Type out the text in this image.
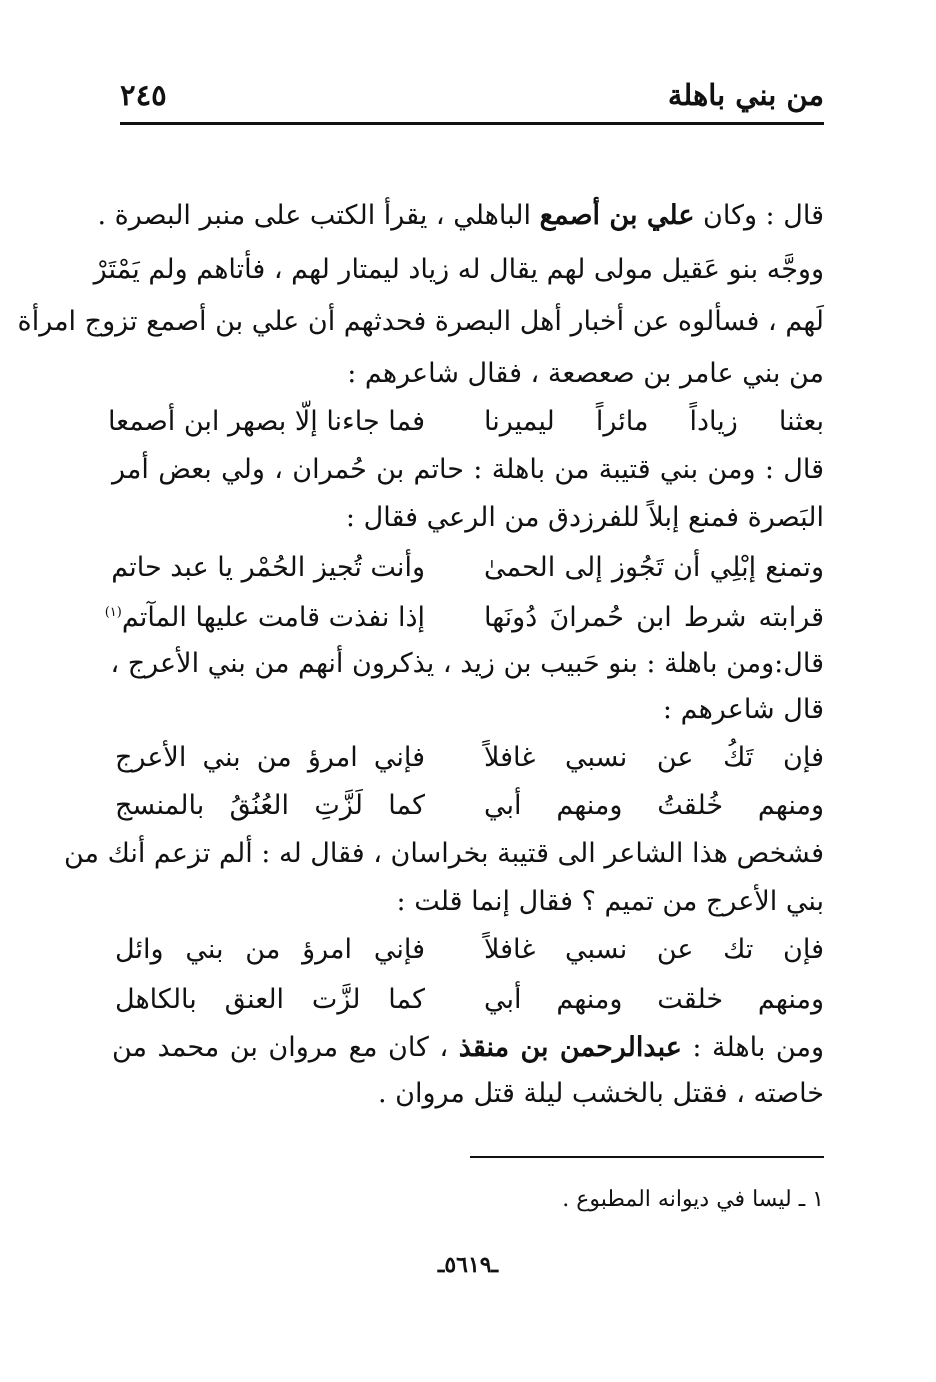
من بني باهلة
٢٤٥
قال : وكان علي بن أصمع الباهلي ، يقرأ الكتب على منبر البصرة .
ووجَّه بنو عَقيل مولى لهم يقال له زياد ليمتار لهم ، فأتاهم ولم يَمْتَرْ
لَهم ، فسألوه عن أخبار أهل البصرة فحدثهم أن علي بن أصمع تزوج امرأة
من بني عامر بن صعصعة ، فقال شاعرهم :
بعثنا زياداً مائراً ليميرنا
فما جاءنا إلّا بصهر ابن أصمعا
قال : ومن بني قتيبة من باهلة : حاتم بن حُمران ، ولي بعض أمر
البَصرة فمنع إبلاً للفرزدق من الرعي فقال :
وتمنع إبْلِي أن تَجُوز إلى الحمىٰ
وأنت تُجيز الحُمْر يا عبد حاتم
قرابته شرط ابن حُمرانَ دُونَها
إذا نفذت قامت عليها المآتم$^{(١)}$
قال:ومن باهلة : بنو حَبيب بن زيد ، يذكرون أنهم من بني الأعرج ،
قال شاعرهم :
فإن تَكُ عن نسبي غافلاً
فإني امرؤ من بني الأعرج
ومنهم خُلقتُ ومنهم أبي
كما لَزَّتِ العُنُقُ بالمنسج
فشخص هذا الشاعر الى قتيبة بخراسان ، فقال له : ألم تزعم أنك من
بني الأعرج من تميم ؟ فقال إنما قلت :
فإن تك عن نسبي غافلاً
فإني امرؤ من بني وائل
ومنهم خلقت ومنهم أبي
كما لزَّت العنق بالكاهل
ومن باهلة : عبدالرحمن بن منقذ ، كان مع مروان بن محمد من
خاصته ، فقتل بالخشب ليلة قتل مروان .
١ ـ ليسا في ديوانه المطبوع .
ـ٥٦١٩ـ
